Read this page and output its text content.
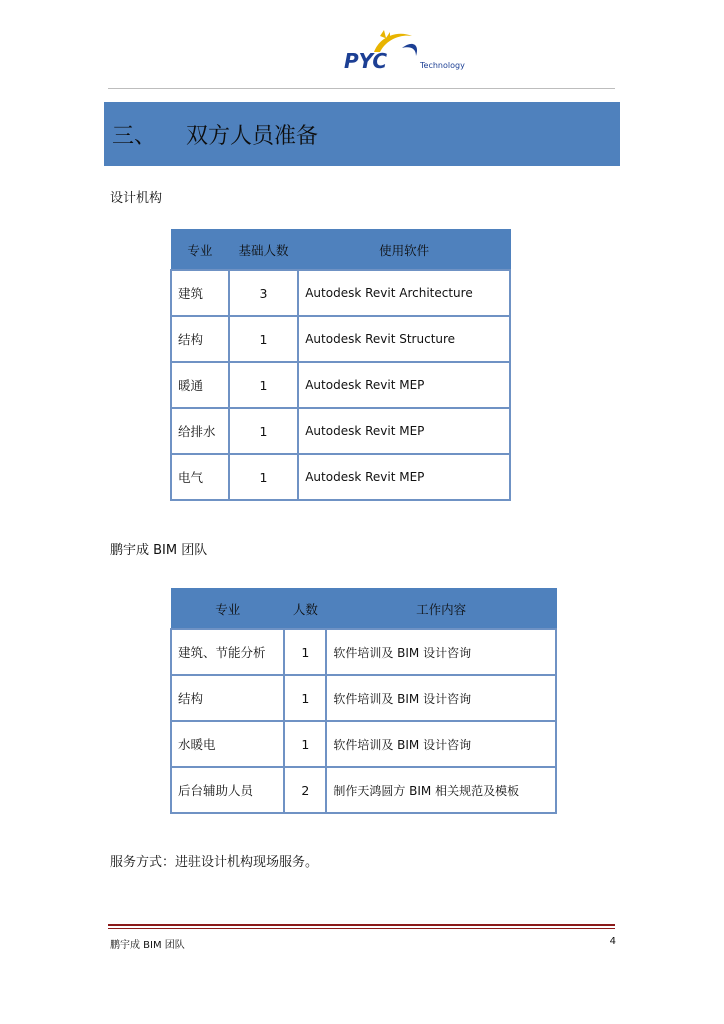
PYC	Technology
三、 双方人员准备
设计机构
专业	基础人数	使用软件
建筑	3	Autodesk Revit Architecture
结构	1	Autodesk Revit Structure
暖通	1	Autodesk Revit MEP
给排水	1	Autodesk Revit MEP
电气	1	Autodesk Revit MEP
鹏宇成 BIM 团队
专业	人数	工作内容
建筑、节能分析	1	软件培训及 BIM 设计咨询
结构	1	软件培训及 BIM 设计咨询
水暖电	1	软件培训及 BIM 设计咨询
后台辅助人员	2	制作天鸿圆方 BIM 相关规范及模板
服务方式：进驻设计机构现场服务。
鹏宇成 BIM 团队	4
